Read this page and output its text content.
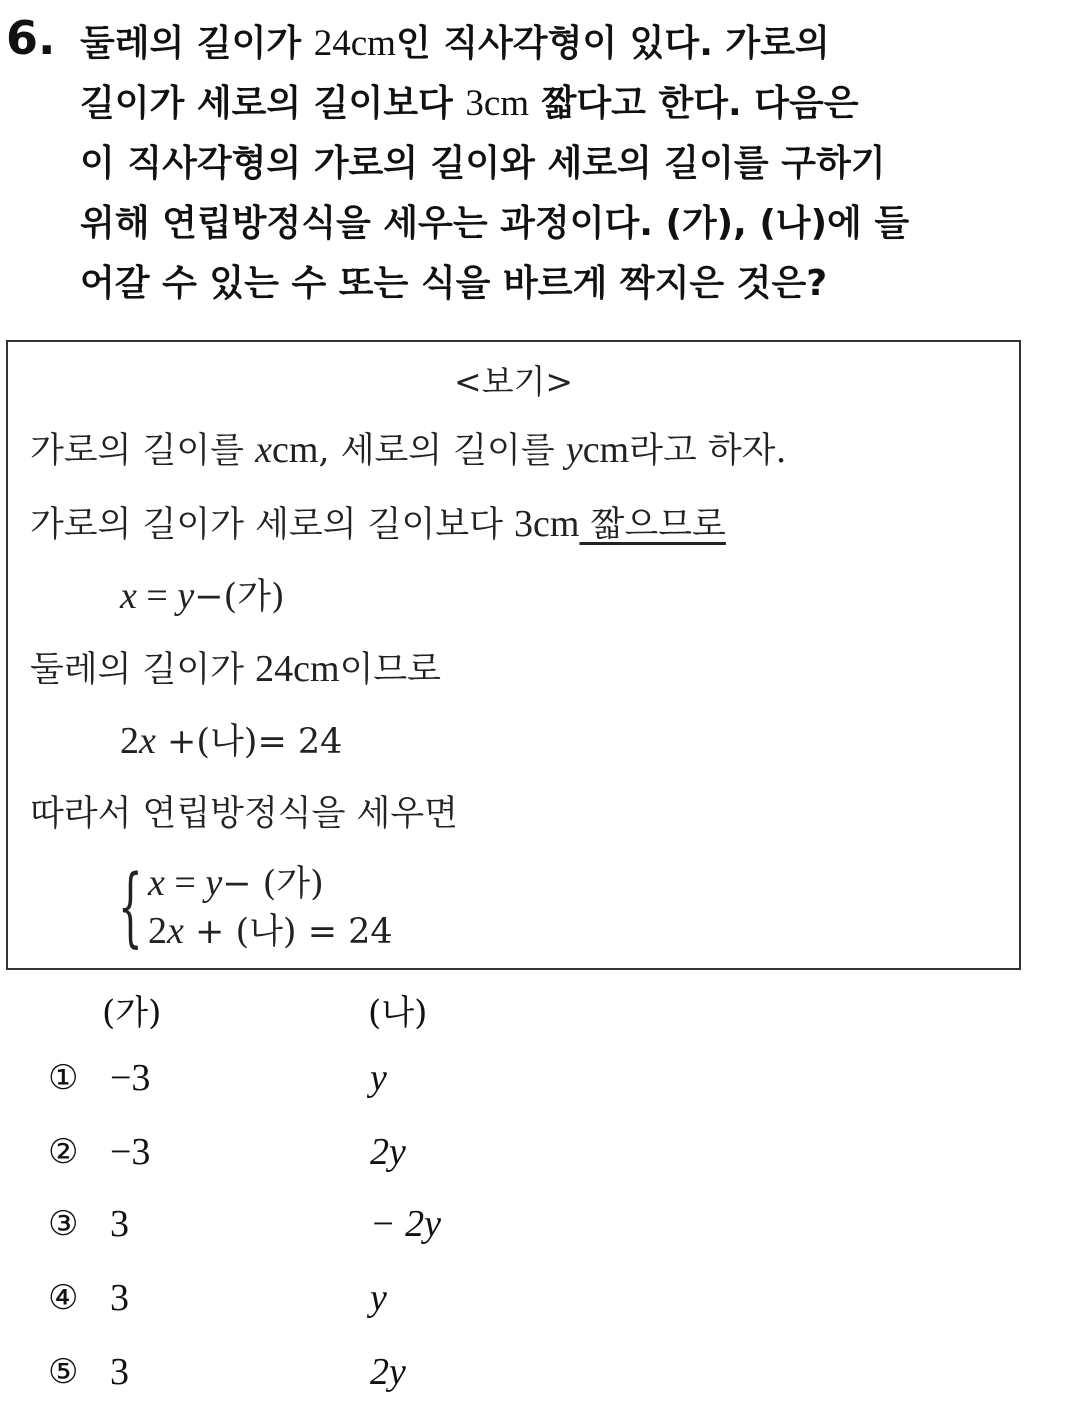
6. 둘레의 길이가 24cm인 직사각형이 있다. 가로의
길이가 세로의 길이보다 3cm 짧다고 한다. 다음은
이 직사각형의 가로의 길이와 세로의 길이를 구하기
위해 연립방정식을 세우는 과정이다. (가), (나)에 들
어갈 수 있는 수 또는 식을 바르게 짝지은 것은?
<보기>
가로의 길이를 xcm, 세로의 길이를 ycm라고 하자.
가로의 길이가 세로의 길이보다 3cm 짧으므로
x = y−(가)
둘레의 길이가 24cm이므로
2x +(나)= 24
따라서 연립방정식을 세우면
{ x = y− (가)
2x + (나) = 24
(가)	(나)
① −3	y
② −3	2y
③ 3	− 2y
④ 3	y
⑤ 3	2y
